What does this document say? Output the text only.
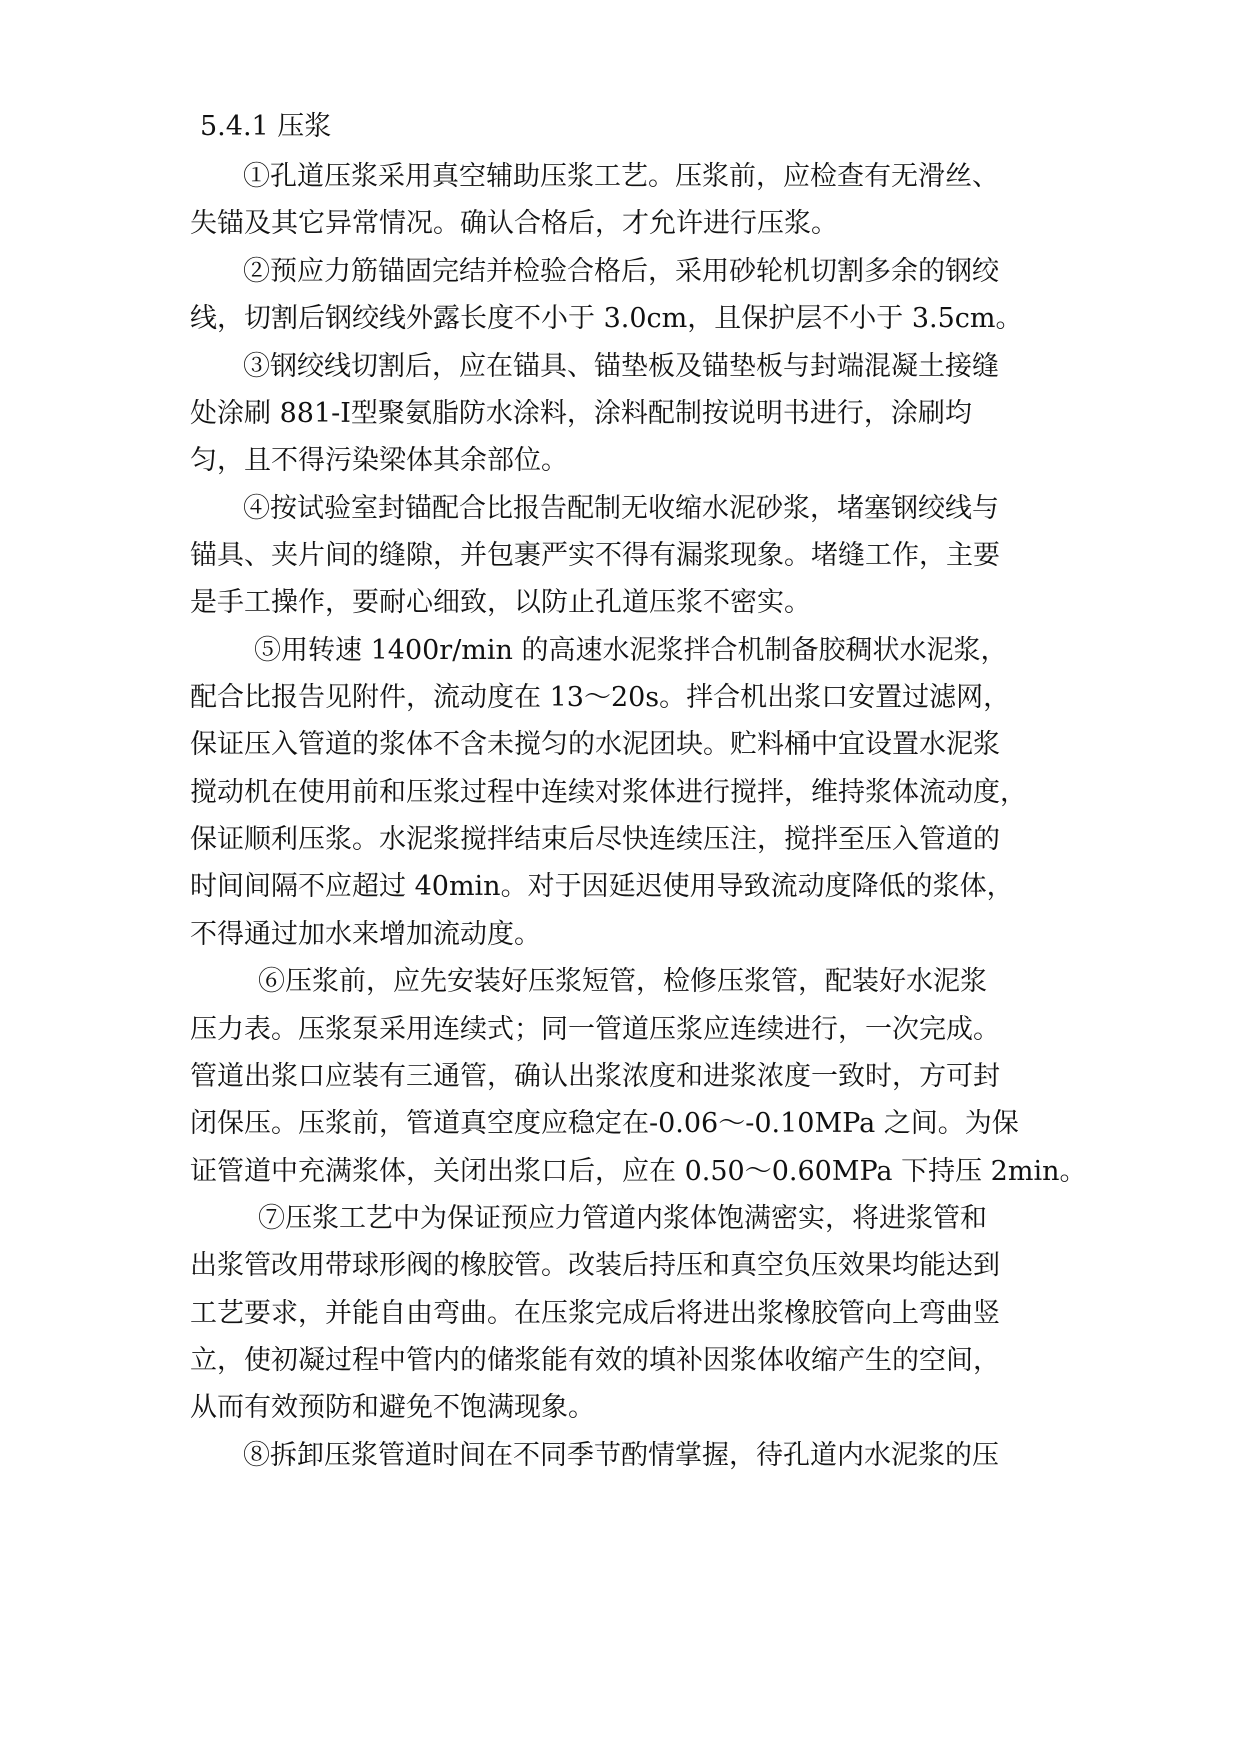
5.4.1 压浆
①孔道压浆采用真空辅助压浆工艺。压浆前，应检查有无滑丝、
失锚及其它异常情况。确认合格后，才允许进行压浆。
②预应力筋锚固完结并检验合格后，采用砂轮机切割多余的钢绞
线，切割后钢绞线外露长度不小于 3.0cm，且保护层不小于 3.5cm。
③钢绞线切割后，应在锚具、锚垫板及锚垫板与封端混凝土接缝
处涂刷 881-Ⅰ型聚氨脂防水涂料，涂料配制按说明书进行，涂刷均
匀，且不得污染梁体其余部位。
④按试验室封锚配合比报告配制无收缩水泥砂浆，堵塞钢绞线与
锚具、夹片间的缝隙，并包裹严实不得有漏浆现象。堵缝工作，主要
是手工操作，要耐心细致，以防止孔道压浆不密实。
⑤用转速 1400r/min 的高速水泥浆拌合机制备胶稠状水泥浆，
配合比报告见附件，流动度在 13～20s。拌合机出浆口安置过滤网，
保证压入管道的浆体不含未搅匀的水泥团块。贮料桶中宜设置水泥浆
搅动机在使用前和压浆过程中连续对浆体进行搅拌，维持浆体流动度，
保证顺利压浆。水泥浆搅拌结束后尽快连续压注，搅拌至压入管道的
时间间隔不应超过 40min。对于因延迟使用导致流动度降低的浆体，
不得通过加水来增加流动度。
⑥压浆前，应先安装好压浆短管，检修压浆管，配装好水泥浆
压力表。压浆泵采用连续式；同一管道压浆应连续进行，一次完成。
管道出浆口应装有三通管，确认出浆浓度和进浆浓度一致时，方可封
闭保压。压浆前，管道真空度应稳定在-0.06～-0.10MPa 之间。为保
证管道中充满浆体，关闭出浆口后，应在 0.50～0.60MPa 下持压 2min。
⑦压浆工艺中为保证预应力管道内浆体饱满密实，将进浆管和
出浆管改用带球形阀的橡胶管。改装后持压和真空负压效果均能达到
工艺要求，并能自由弯曲。在压浆完成后将进出浆橡胶管向上弯曲竖
立，使初凝过程中管内的储浆能有效的填补因浆体收缩产生的空间，
从而有效预防和避免不饱满现象。
⑧拆卸压浆管道时间在不同季节酌情掌握，待孔道内水泥浆的压
